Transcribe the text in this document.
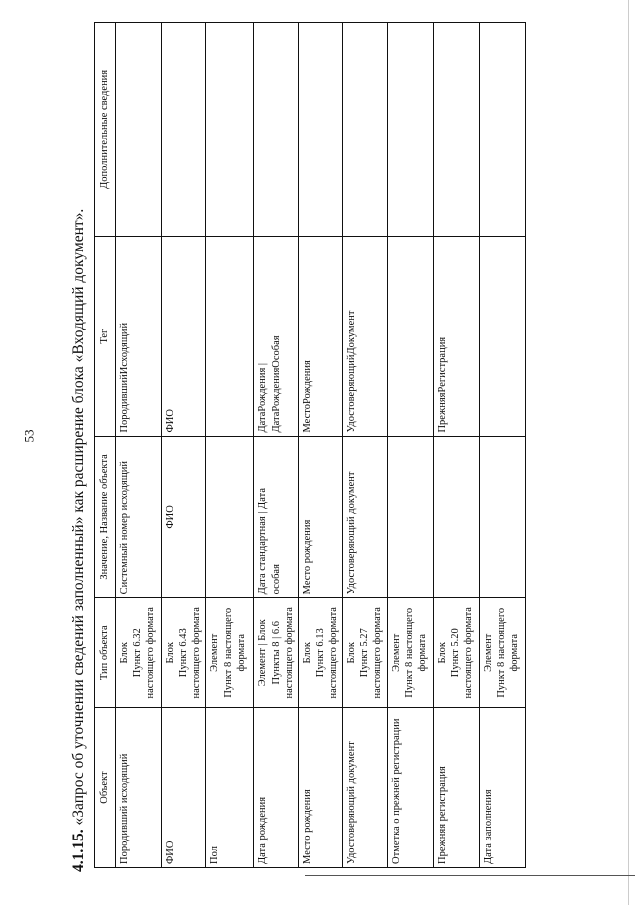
53
4.1.15. «Запрос об уточнении сведений заполненный» как расширение блока «Входящий документ». Объект	Тип объекта	Значение, Название объекта	Тег	Дополнительные сведения
Породивший исходящий	Блок Пункт 6.32 настоящего формата	Системный номер исходящий	ПородившийИсходящий	
ФИО	Блок Пункт 6.43 настоящего формата	ФИО	ФИО	
Пол	Элемент Пункт 8 настоящего формата			
Дата рождения	Элемент | Блок Пункты 8 | 6.6 настоящего формата	Дата стандартная | Дата особая	ДатаРождения | ДатаРожденияОсобая	
Место рождения	Блок Пункт 6.13 настоящего формата	Место рождения	МестоРождения	
Удостоверяющий документ	Блок Пункт 5.27 настоящего формата	Удостоверяющий документ	УдостоверяющийДокумент	
Отметка о прежней регистрации	Элемент Пункт 8 настоящего формата			
Прежняя регистрация	Блок Пункт 5.20 настоящего формата		ПрежняяРегистрация	
Дата заполнения	Элемент Пункт 8 настоящего формата			
